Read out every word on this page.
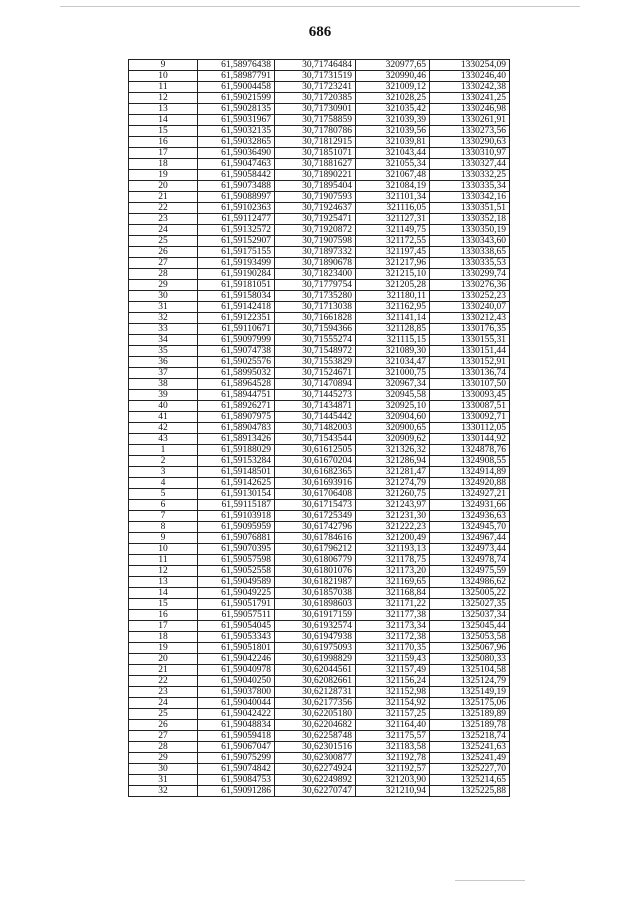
686
9	61,58976438	30,71746484	320977,65	1330254,09
10	61,58987791	30,71731519	320990,46	1330246,40
11	61,59004458	30,71723241	321009,12	1330242,38
12	61,59021599	30,71720385	321028,25	1330241,25
13	61,59028135	30,71730901	321035,42	1330246,98
14	61,59031967	30,71758859	321039,39	1330261,91
15	61,59032135	30,71780786	321039,56	1330273,56
16	61,59032865	30,71812915	321039,81	1330290,63
17	61,59036490	30,71851071	321043,44	1330310,97
18	61,59047463	30,71881627	321055,34	1330327,44
19	61,59058442	30,71890221	321067,48	1330332,25
20	61,59073488	30,71895404	321084,19	1330335,34
21	61,59088997	30,71907593	321101,34	1330342,16
22	61,59102363	30,71924637	321116,05	1330351,51
23	61,59112477	30,71925471	321127,31	1330352,18
24	61,59132572	30,71920872	321149,75	1330350,19
25	61,59152907	30,71907598	321172,55	1330343,60
26	61,59175155	30,71897332	321197,45	1330338,65
27	61,59193499	30,71890678	321217,96	1330335,53
28	61,59190284	30,71823400	321215,10	1330299,74
29	61,59181051	30,71779754	321205,28	1330276,36
30	61,59158034	30,71735280	321180,11	1330252,23
31	61,59142418	30,71713038	321162,95	1330240,07
32	61,59122351	30,71661828	321141,14	1330212,43
33	61,59110671	30,71594366	321128,85	1330176,35
34	61,59097999	30,71555274	321115,15	1330155,31
35	61,59074738	30,71548972	321089,30	1330151,44
36	61,59025576	30,71553829	321034,47	1330152,91
37	61,58995032	30,71524671	321000,75	1330136,74
38	61,58964528	30,71470894	320967,34	1330107,50
39	61,58944751	30,71445273	320945,58	1330093,45
40	61,58926271	30,71434871	320925,10	1330087,51
41	61,58907975	30,71445442	320904,60	1330092,71
42	61,58904783	30,71482003	320900,65	1330112,05
43	61,58913426	30,71543544	320909,62	1330144,92
1	61,59188029	30,61612505	321326,32	1324878,76
2	61,59153284	30,61670204	321286,94	1324908,55
3	61,59148501	30,61682365	321281,47	1324914,89
4	61,59142625	30,61693916	321274,79	1324920,88
5	61,59130154	30,61706408	321260,75	1324927,21
6	61,59115187	30,61715473	321243,97	1324931,66
7	61,59103918	30,61725349	321231,30	1324936,63
8	61,59095959	30,61742796	321222,23	1324945,70
9	61,59076881	30,61784616	321200,49	1324967,44
10	61,59070395	30,61796212	321193,13	1324973,44
11	61,59057598	30,61806779	321178,75	1324978,74
12	61,59052558	30,61801076	321173,20	1324975,59
13	61,59049589	30,61821987	321169,65	1324986,62
14	61,59049225	30,61857038	321168,84	1325005,22
15	61,59051791	30,61898603	321171,22	1325027,35
16	61,59057511	30,61917159	321177,38	1325037,34
17	61,59054045	30,61932574	321173,34	1325045,44
18	61,59053343	30,61947938	321172,38	1325053,58
19	61,59051801	30,61975093	321170,35	1325067,96
20	61,59042246	30,61998829	321159,43	1325080,33
21	61,59040978	30,62044561	321157,49	1325104,58
22	61,59040250	30,62082661	321156,24	1325124,79
23	61,59037800	30,62128731	321152,98	1325149,19
24	61,59040044	30,62177356	321154,92	1325175,06
25	61,59042422	30,62205180	321157,25	1325189,89
26	61,59048834	30,62204682	321164,40	1325189,78
27	61,59059418	30,62258748	321175,57	1325218,74
28	61,59067047	30,62301516	321183,58	1325241,63
29	61,59075299	30,62300877	321192,78	1325241,49
30	61,59074842	30,62274924	321192,57	1325227,70
31	61,59084753	30,62249892	321203,90	1325214,65
32	61,59091286	30,62270747	321210,94	1325225,88
